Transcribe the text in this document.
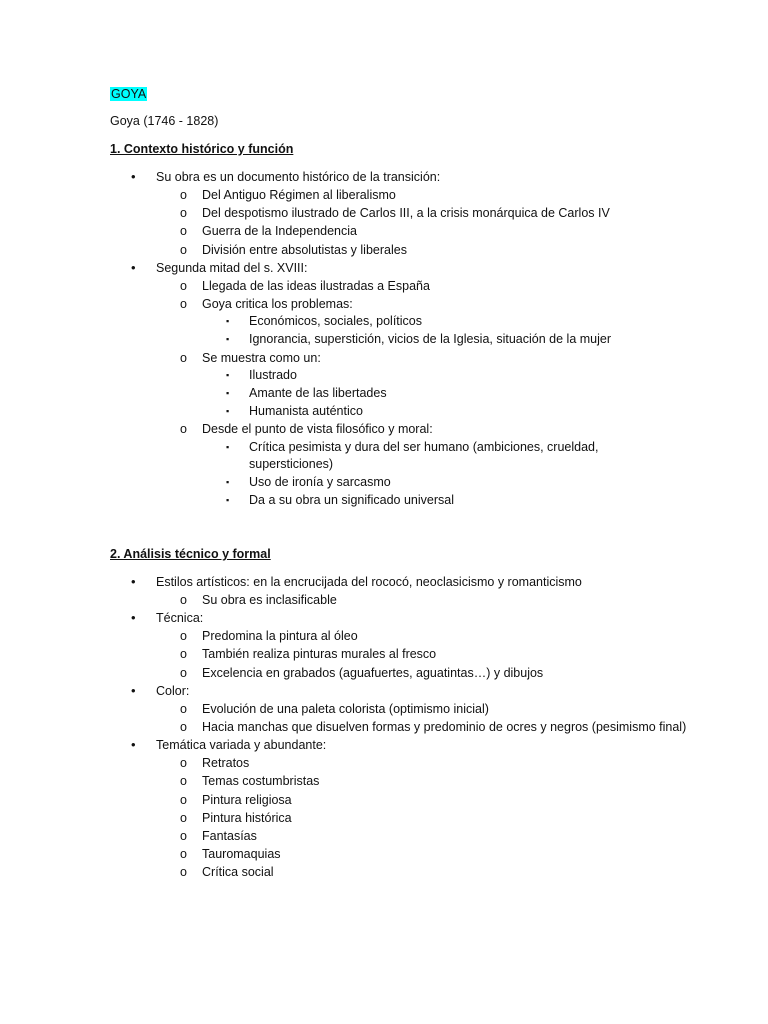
GOYA
Goya (1746 - 1828)
1. Contexto histórico y función
• Su obra es un documento histórico de la transición:
o Del Antiguo Régimen al liberalismo
o Del despotismo ilustrado de Carlos III, a la crisis monárquica de Carlos IV
o Guerra de la Independencia
o División entre absolutistas y liberales
• Segunda mitad del s. XVIII:
o Llegada de las ideas ilustradas a España
o Goya critica los problemas:
▪ Económicos, sociales, políticos
▪ Ignorancia, superstición, vicios de la Iglesia, situación de la mujer
o Se muestra como un:
▪ Ilustrado
▪ Amante de las libertades
▪ Humanista auténtico
o Desde el punto de vista filosófico y moral:
▪ Crítica pesimista y dura del ser humano (ambiciones, crueldad, supersticiones)
▪ Uso de ironía y sarcasmo
▪ Da a su obra un significado universal
2. Análisis técnico y formal
• Estilos artísticos: en la encrucijada del rococó, neoclasicismo y romanticismo
o Su obra es inclasificable
• Técnica:
o Predomina la pintura al óleo
o También realiza pinturas murales al fresco
o Excelencia en grabados (aguafuertes, aguatintas…) y dibujos
• Color:
o Evolución de una paleta colorista (optimismo inicial)
o Hacia manchas que disuelven formas y predominio de ocres y negros (pesimismo final)
• Temática variada y abundante:
o Retratos
o Temas costumbristas
o Pintura religiosa
o Pintura histórica
o Fantasías
o Tauromaquias
o Crítica social
